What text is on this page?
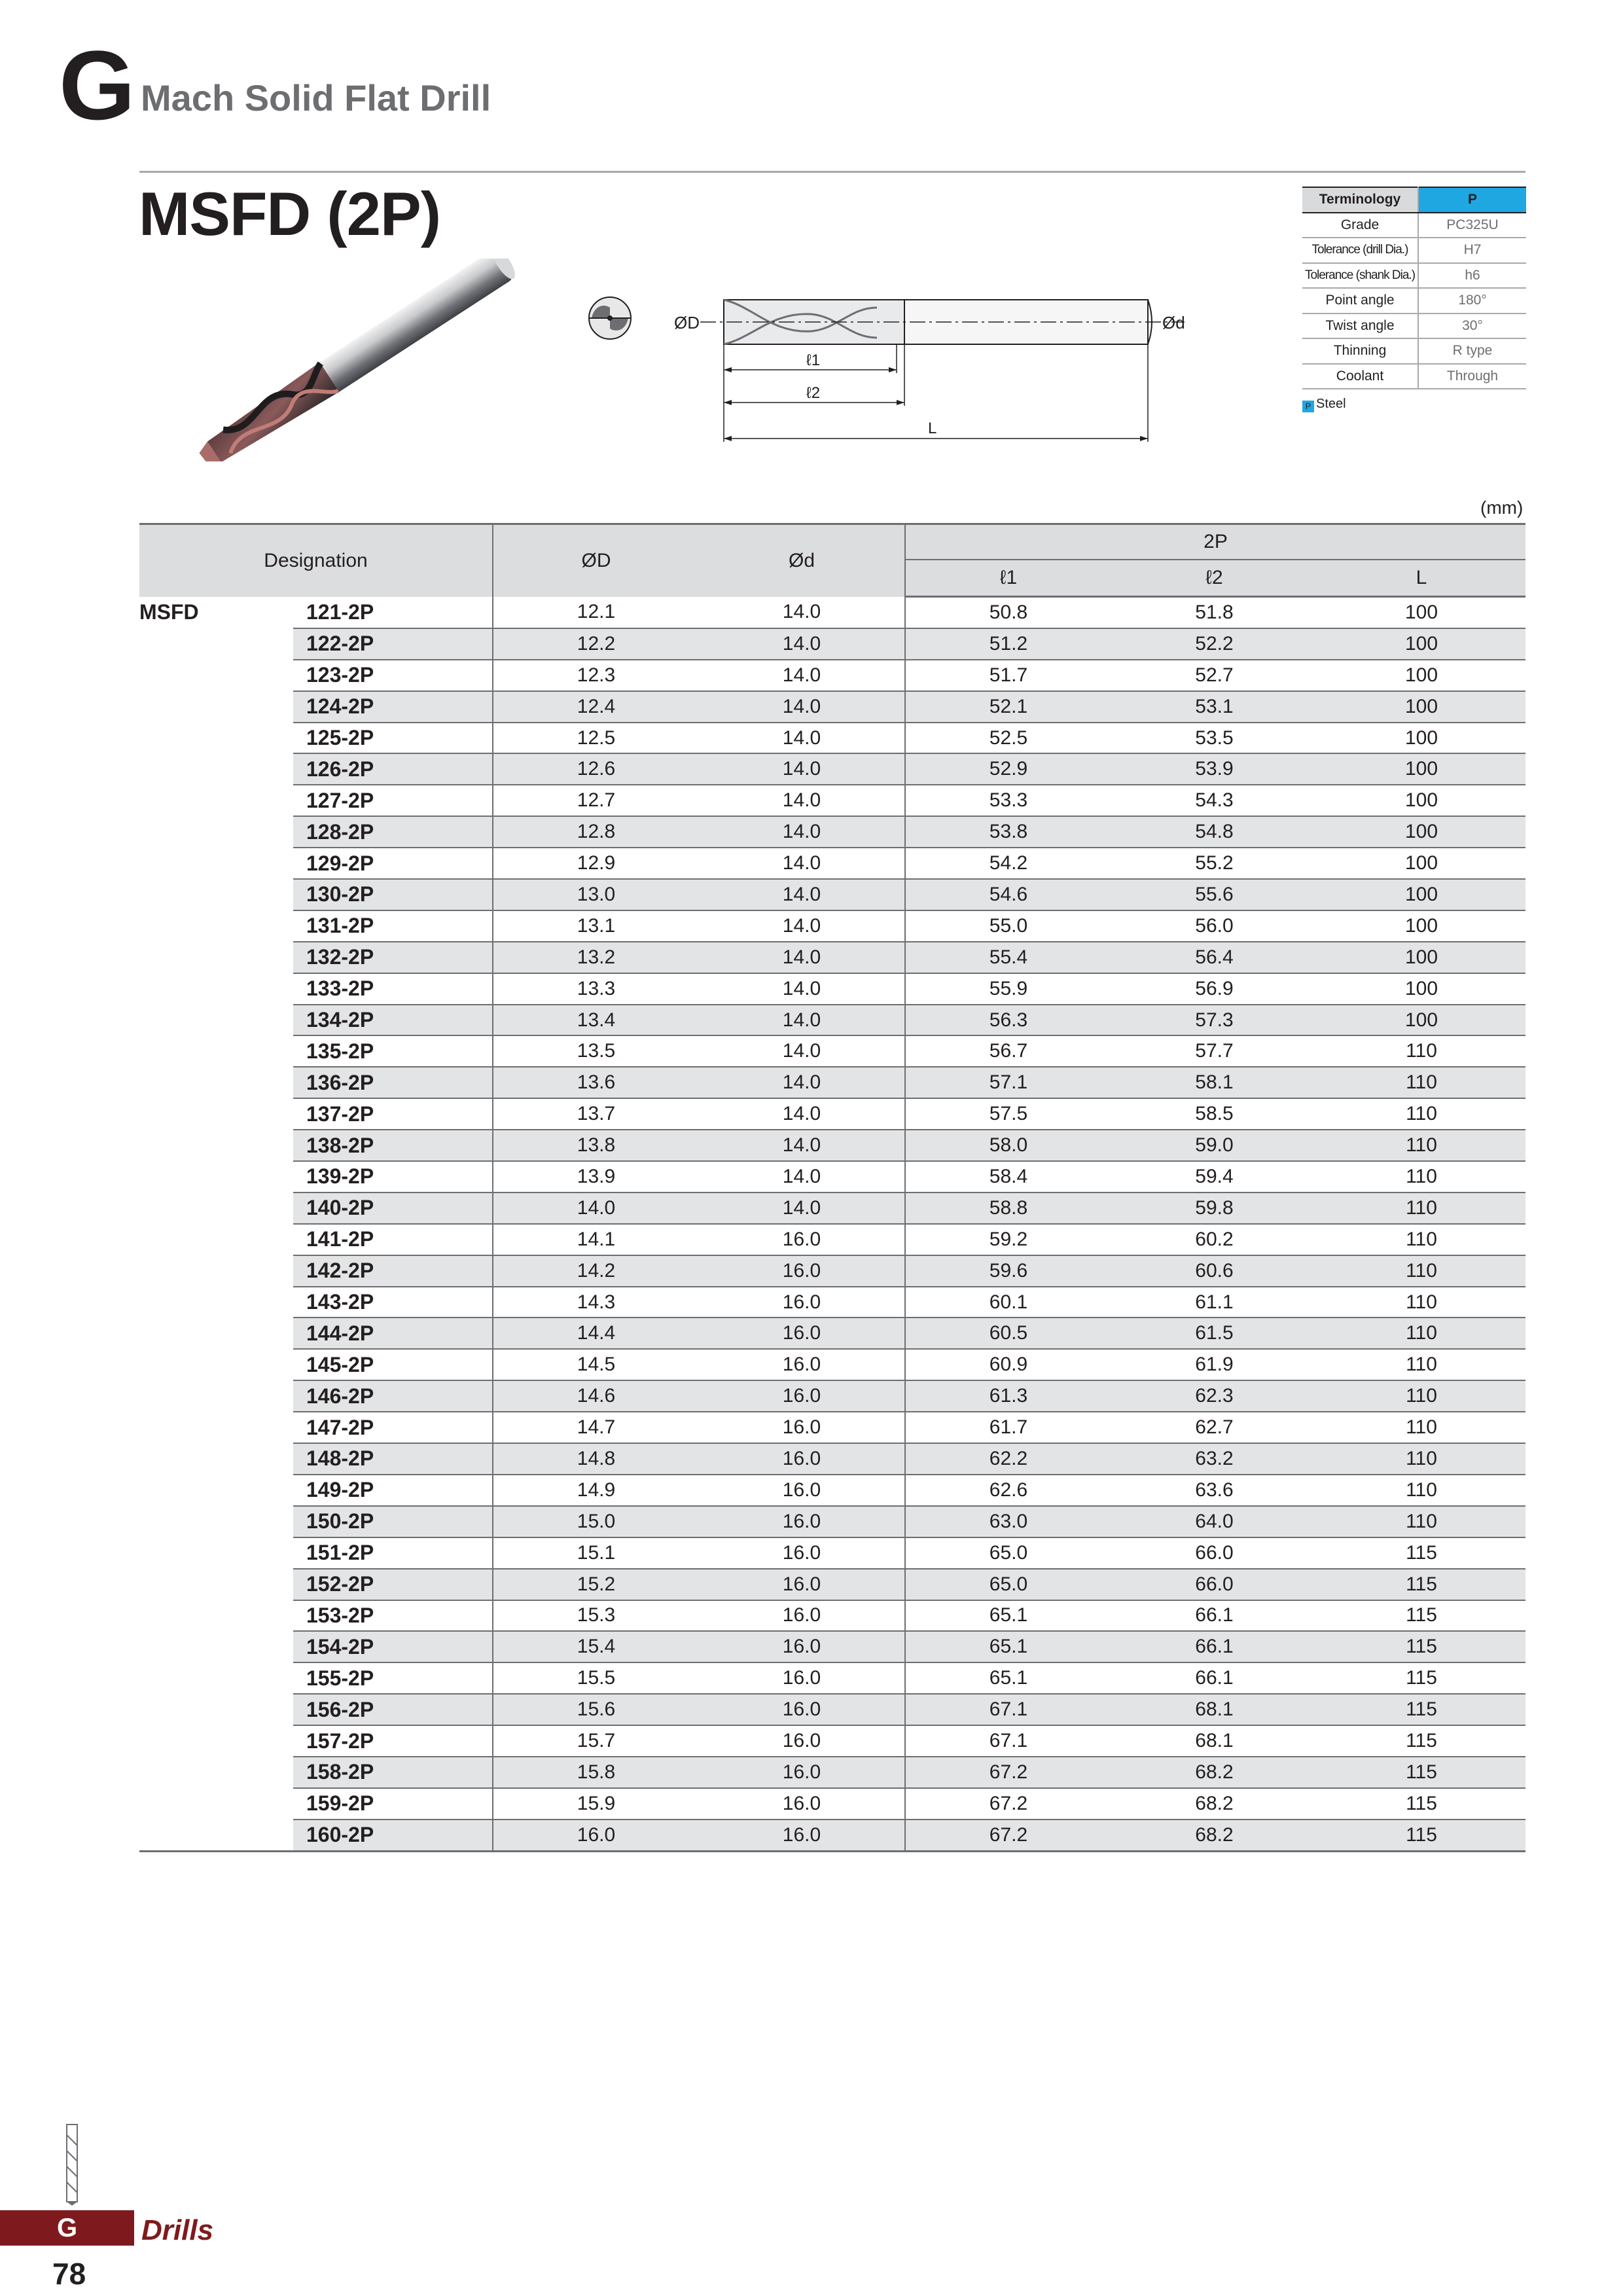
G Mach Solid Flat Drill
MSFD (2P)
ØD	Ød
ℓ1
ℓ2
L
Terminology	P
Grade	PC325U
Tolerance (drill Dia.)	H7
Tolerance (shank Dia.)	h6
Point angle	180°
Twist angle	30°
Thinning	R type
Coolant	Through
P Steel
(mm)
Designation		ØD	Ød	2P		
				ℓ1	ℓ2	L
MSFD	121-2P	12.1	14.0	50.8	51.8	100
	122-2P	12.2	14.0	51.2	52.2	100
	123-2P	12.3	14.0	51.7	52.7	100
	124-2P	12.4	14.0	52.1	53.1	100
	125-2P	12.5	14.0	52.5	53.5	100
	126-2P	12.6	14.0	52.9	53.9	100
	127-2P	12.7	14.0	53.3	54.3	100
	128-2P	12.8	14.0	53.8	54.8	100
	129-2P	12.9	14.0	54.2	55.2	100
	130-2P	13.0	14.0	54.6	55.6	100
	131-2P	13.1	14.0	55.0	56.0	100
	132-2P	13.2	14.0	55.4	56.4	100
	133-2P	13.3	14.0	55.9	56.9	100
	134-2P	13.4	14.0	56.3	57.3	100
	135-2P	13.5	14.0	56.7	57.7	110
	136-2P	13.6	14.0	57.1	58.1	110
	137-2P	13.7	14.0	57.5	58.5	110
	138-2P	13.8	14.0	58.0	59.0	110
	139-2P	13.9	14.0	58.4	59.4	110
	140-2P	14.0	14.0	58.8	59.8	110
	141-2P	14.1	16.0	59.2	60.2	110
	142-2P	14.2	16.0	59.6	60.6	110
	143-2P	14.3	16.0	60.1	61.1	110
	144-2P	14.4	16.0	60.5	61.5	110
	145-2P	14.5	16.0	60.9	61.9	110
	146-2P	14.6	16.0	61.3	62.3	110
	147-2P	14.7	16.0	61.7	62.7	110
	148-2P	14.8	16.0	62.2	63.2	110
	149-2P	14.9	16.0	62.6	63.6	110
	150-2P	15.0	16.0	63.0	64.0	110
	151-2P	15.1	16.0	65.0	66.0	115
	152-2P	15.2	16.0	65.0	66.0	115
	153-2P	15.3	16.0	65.1	66.1	115
	154-2P	15.4	16.0	65.1	66.1	115
	155-2P	15.5	16.0	65.1	66.1	115
	156-2P	15.6	16.0	67.1	68.1	115
	157-2P	15.7	16.0	67.1	68.1	115
	158-2P	15.8	16.0	67.2	68.2	115
	159-2P	15.9	16.0	67.2	68.2	115
	160-2P	16.0	16.0	67.2	68.2	115
G	Drills
78
